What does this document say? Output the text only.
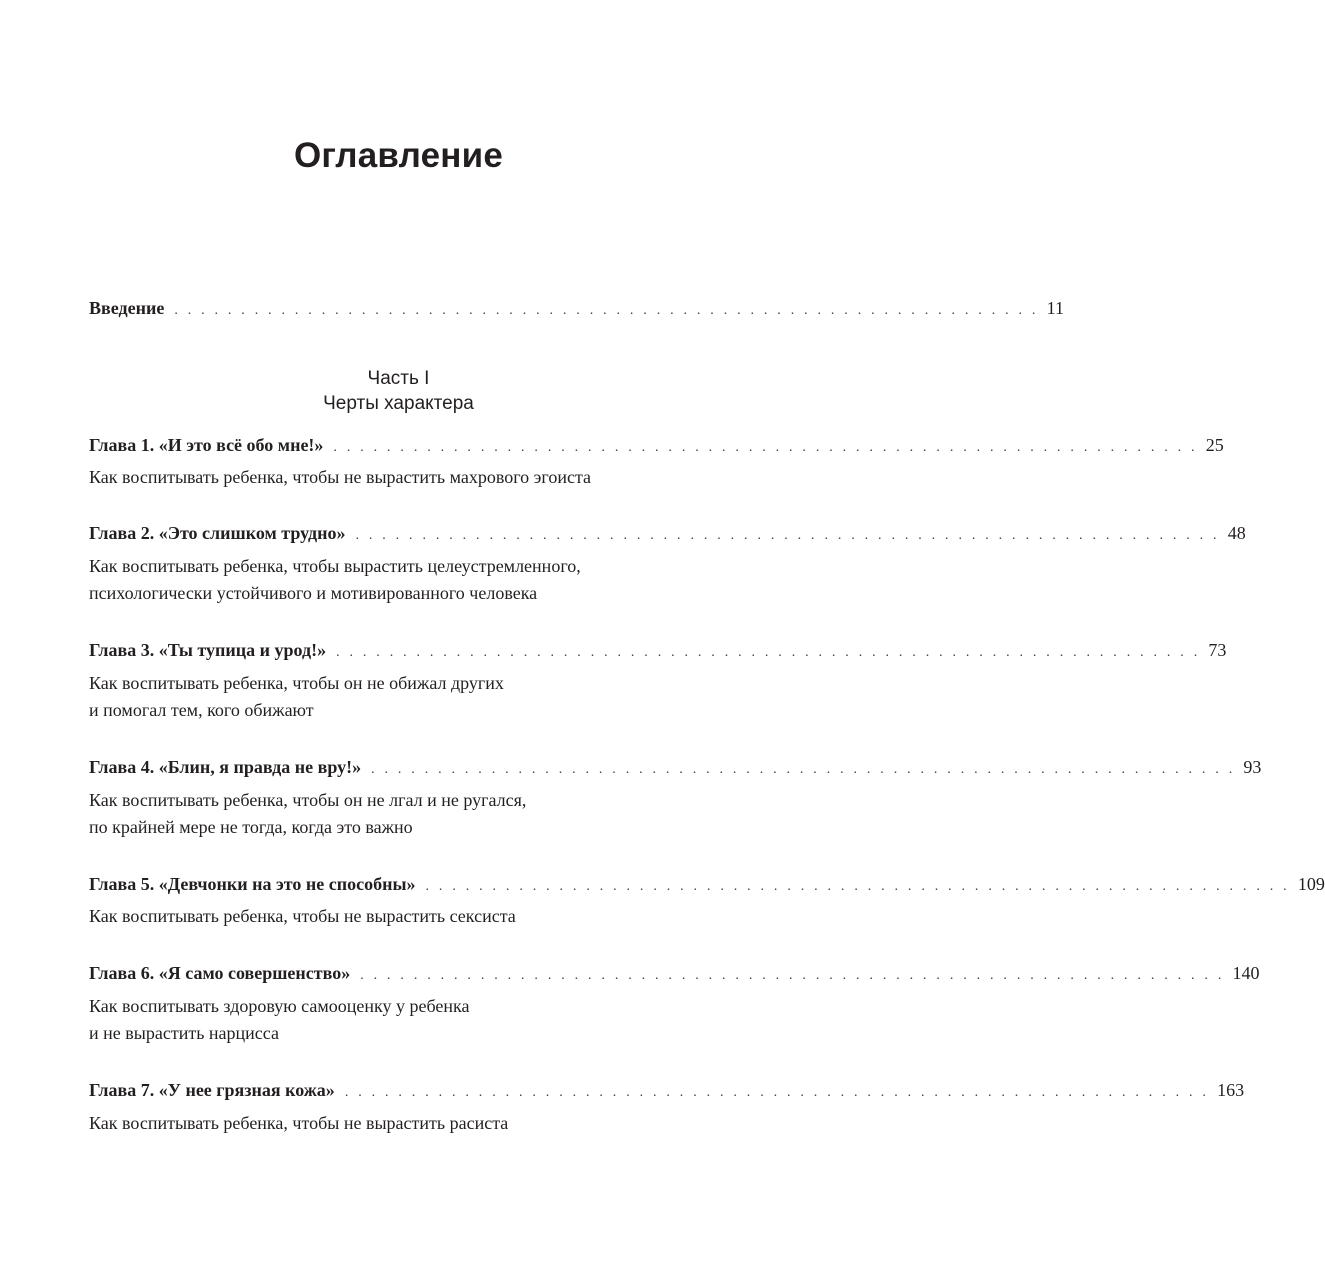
Оглавление
Введение . . . . . . . . . . . . . . . . . . . . . . . . . . . . . . . . . . . . . . . . . . . . . . . . . . . . . . . . . . . . . . . . . 11
Часть I
Черты характера
Глава 1. «И это всё обо мне!» . . . . . . . . . . . . . . . . . . . . . . . . . . . . . . . . . . . . . . . . . . . . . . . . . . . . . . . . . . . . . . . . . 25
Как воспитывать ребенка, чтобы не вырастить махрового эгоиста
Глава 2. «Это слишком трудно» . . . . . . . . . . . . . . . . . . . . . . . . . . . . . . . . . . . . . . . . . . . . . . . . . . . . . . . . . . . . . . . . . 48
Как воспитывать ребенка, чтобы вырастить целеустремленного,
психологически устойчивого и мотивированного человека
Глава 3. «Ты тупица и урод!» . . . . . . . . . . . . . . . . . . . . . . . . . . . . . . . . . . . . . . . . . . . . . . . . . . . . . . . . . . . . . . . . . 73
Как воспитывать ребенка, чтобы он не обижал других
и помогал тем, кого обижают
Глава 4. «Блин, я правда не вру!» . . . . . . . . . . . . . . . . . . . . . . . . . . . . . . . . . . . . . . . . . . . . . . . . . . . . . . . . . . . . . . . . . 93
Как воспитывать ребенка, чтобы он не лгал и не ругался,
по крайней мере не тогда, когда это важно
Глава 5. «Девчонки на это не способны» . . . . . . . . . . . . . . . . . . . . . . . . . . . . . . . . . . . . . . . . . . . . . . . . . . . . . . . . . . . . . . . . . 109
Как воспитывать ребенка, чтобы не вырастить сексиста
Глава 6. «Я само совершенство» . . . . . . . . . . . . . . . . . . . . . . . . . . . . . . . . . . . . . . . . . . . . . . . . . . . . . . . . . . . . . . . . . 140
Как воспитывать здоровую самооценку у ребенка
и не вырастить нарцисса
Глава 7. «У нее грязная кожа» . . . . . . . . . . . . . . . . . . . . . . . . . . . . . . . . . . . . . . . . . . . . . . . . . . . . . . . . . . . . . . . . . 163
Как воспитывать ребенка, чтобы не вырастить расиста
